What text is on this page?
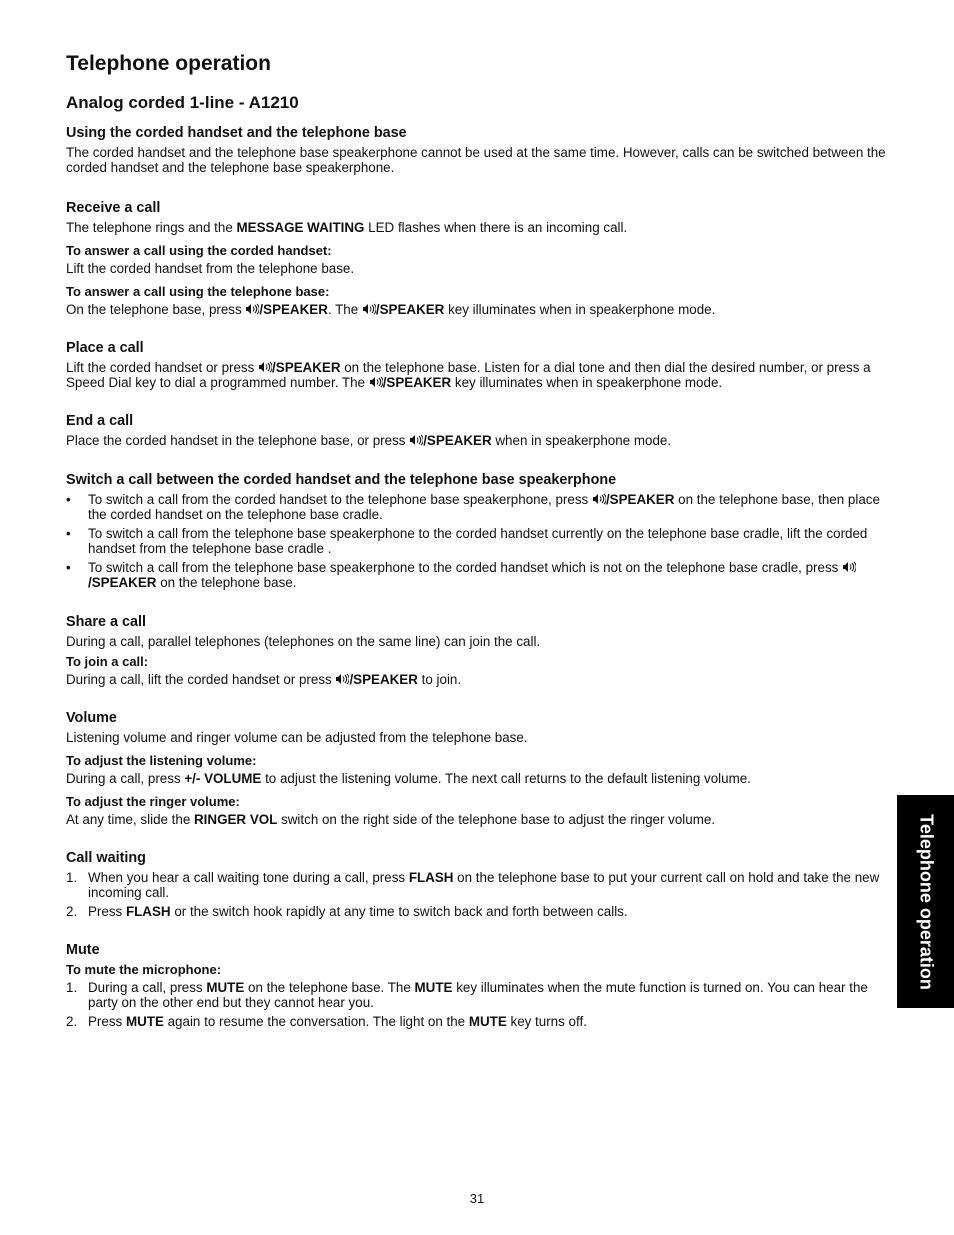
Telephone operation
Analog corded 1-line - A1210
Using the corded handset and the telephone base
The corded handset and the telephone base speakerphone cannot be used at the same time. However, calls can be switched between the corded handset and the telephone base speakerphone.
Receive a call
The telephone rings and the MESSAGE WAITING LED flashes when there is an incoming call.
To answer a call using the corded handset:
Lift the corded handset from the telephone base.
To answer a call using the telephone base:
On the telephone base, press /SPEAKER. The /SPEAKER key illuminates when in speakerphone mode.
Place a call
Lift the corded handset or press /SPEAKER on the telephone base. Listen for a dial tone and then dial the desired number, or press a Speed Dial key to dial a programmed number. The /SPEAKER key illuminates when in speakerphone mode.
End a call
Place the corded handset in the telephone base, or press /SPEAKER when in speakerphone mode.
Switch a call between the corded handset and the telephone base speakerphone
• To switch a call from the corded handset to the telephone base speakerphone, press /SPEAKER on the telephone base, then place the corded handset on the telephone base cradle.
• To switch a call from the telephone base speakerphone to the corded handset currently on the telephone base cradle, lift the corded handset from the telephone base cradle .
• To switch a call from the telephone base speakerphone to the corded handset which is not on the telephone base cradle, press /SPEAKER on the telephone base.
Share a call
During a call, parallel telephones (telephones on the same line) can join the call.
To join a call:
During a call, lift the corded handset or press /SPEAKER to join.
Volume
Listening volume and ringer volume can be adjusted from the telephone base.
To adjust the listening volume:
During a call, press +/- VOLUME to adjust the listening volume. The next call returns to the default listening volume.
To adjust the ringer volume:
At any time, slide the RINGER VOL switch on the right side of the telephone base to adjust the ringer volume.
Call waiting
1. When you hear a call waiting tone during a call, press FLASH on the telephone base to put your current call on hold and take the new incoming call.
2. Press FLASH or the switch hook rapidly at any time to switch back and forth between calls.
Mute
To mute the microphone:
1. During a call, press MUTE on the telephone base. The MUTE key illuminates when the mute function is turned on. You can hear the party on the other end but they cannot hear you.
2. Press MUTE again to resume the conversation. The light on the MUTE key turns off.
Telephone operation
31
